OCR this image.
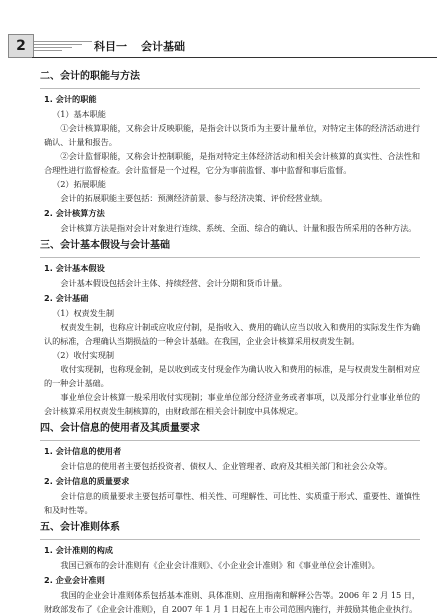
2	科目一 会计基础
二、会计的职能与方法
1. 会计的职能
（1）基本职能
①会计核算职能，又称会计反映职能，是指会计以货币为主要计量单位，对特定主体的经济活动进行确认、计量和报告。
②会计监督职能，又称会计控制职能，是指对特定主体经济活动和相关会计核算的真实性、合法性和合理性进行监督检查。会计监督是一个过程，它分为事前监督、事中监督和事后监督。
（2）拓展职能
会计的拓展职能主要包括：预测经济前景、参与经济决策、评价经营业绩。
2. 会计核算方法
会计核算方法是指对会计对象进行连续、系统、全面、综合的确认、计量和报告所采用的各种方法。
三、会计基本假设与会计基础
1. 会计基本假设
会计基本假设包括会计主体、持续经营、会计分期和货币计量。
2. 会计基础
（1）权责发生制
权责发生制，也称应计制或应收应付制，是指收入、费用的确认应当以收入和费用的实际发生作为确认的标准，合理确认当期损益的一种会计基础。在我国，企业会计核算采用权责发生制。
（2）收付实现制
收付实现制，也称现金制，是以收到或支付现金作为确认收入和费用的标准，是与权责发生制相对应的一种会计基础。
事业单位会计核算一般采用收付实现制；事业单位部分经济业务或者事项，以及部分行业事业单位的会计核算采用权责发生制核算的，由财政部在相关会计制度中具体规定。
四、会计信息的使用者及其质量要求
1. 会计信息的使用者
会计信息的使用者主要包括投资者、债权人、企业管理者、政府及其相关部门和社会公众等。
2. 会计信息的质量要求
会计信息的质量要求主要包括可靠性、相关性、可理解性、可比性、实质重于形式、重要性、谨慎性和及时性等。
五、会计准则体系
1. 会计准则的构成
我国已颁布的会计准则有《企业会计准则》、《小企业会计准则》和《事业单位会计准则》。
2. 企业会计准则
我国的企业会计准则体系包括基本准则、具体准则、应用指南和解释公告等。2006 年 2 月 15 日，财政部发布了《企业会计准则》，自 2007 年 1 月 1 日起在上市公司范围内施行，并鼓励其他企业执行。
